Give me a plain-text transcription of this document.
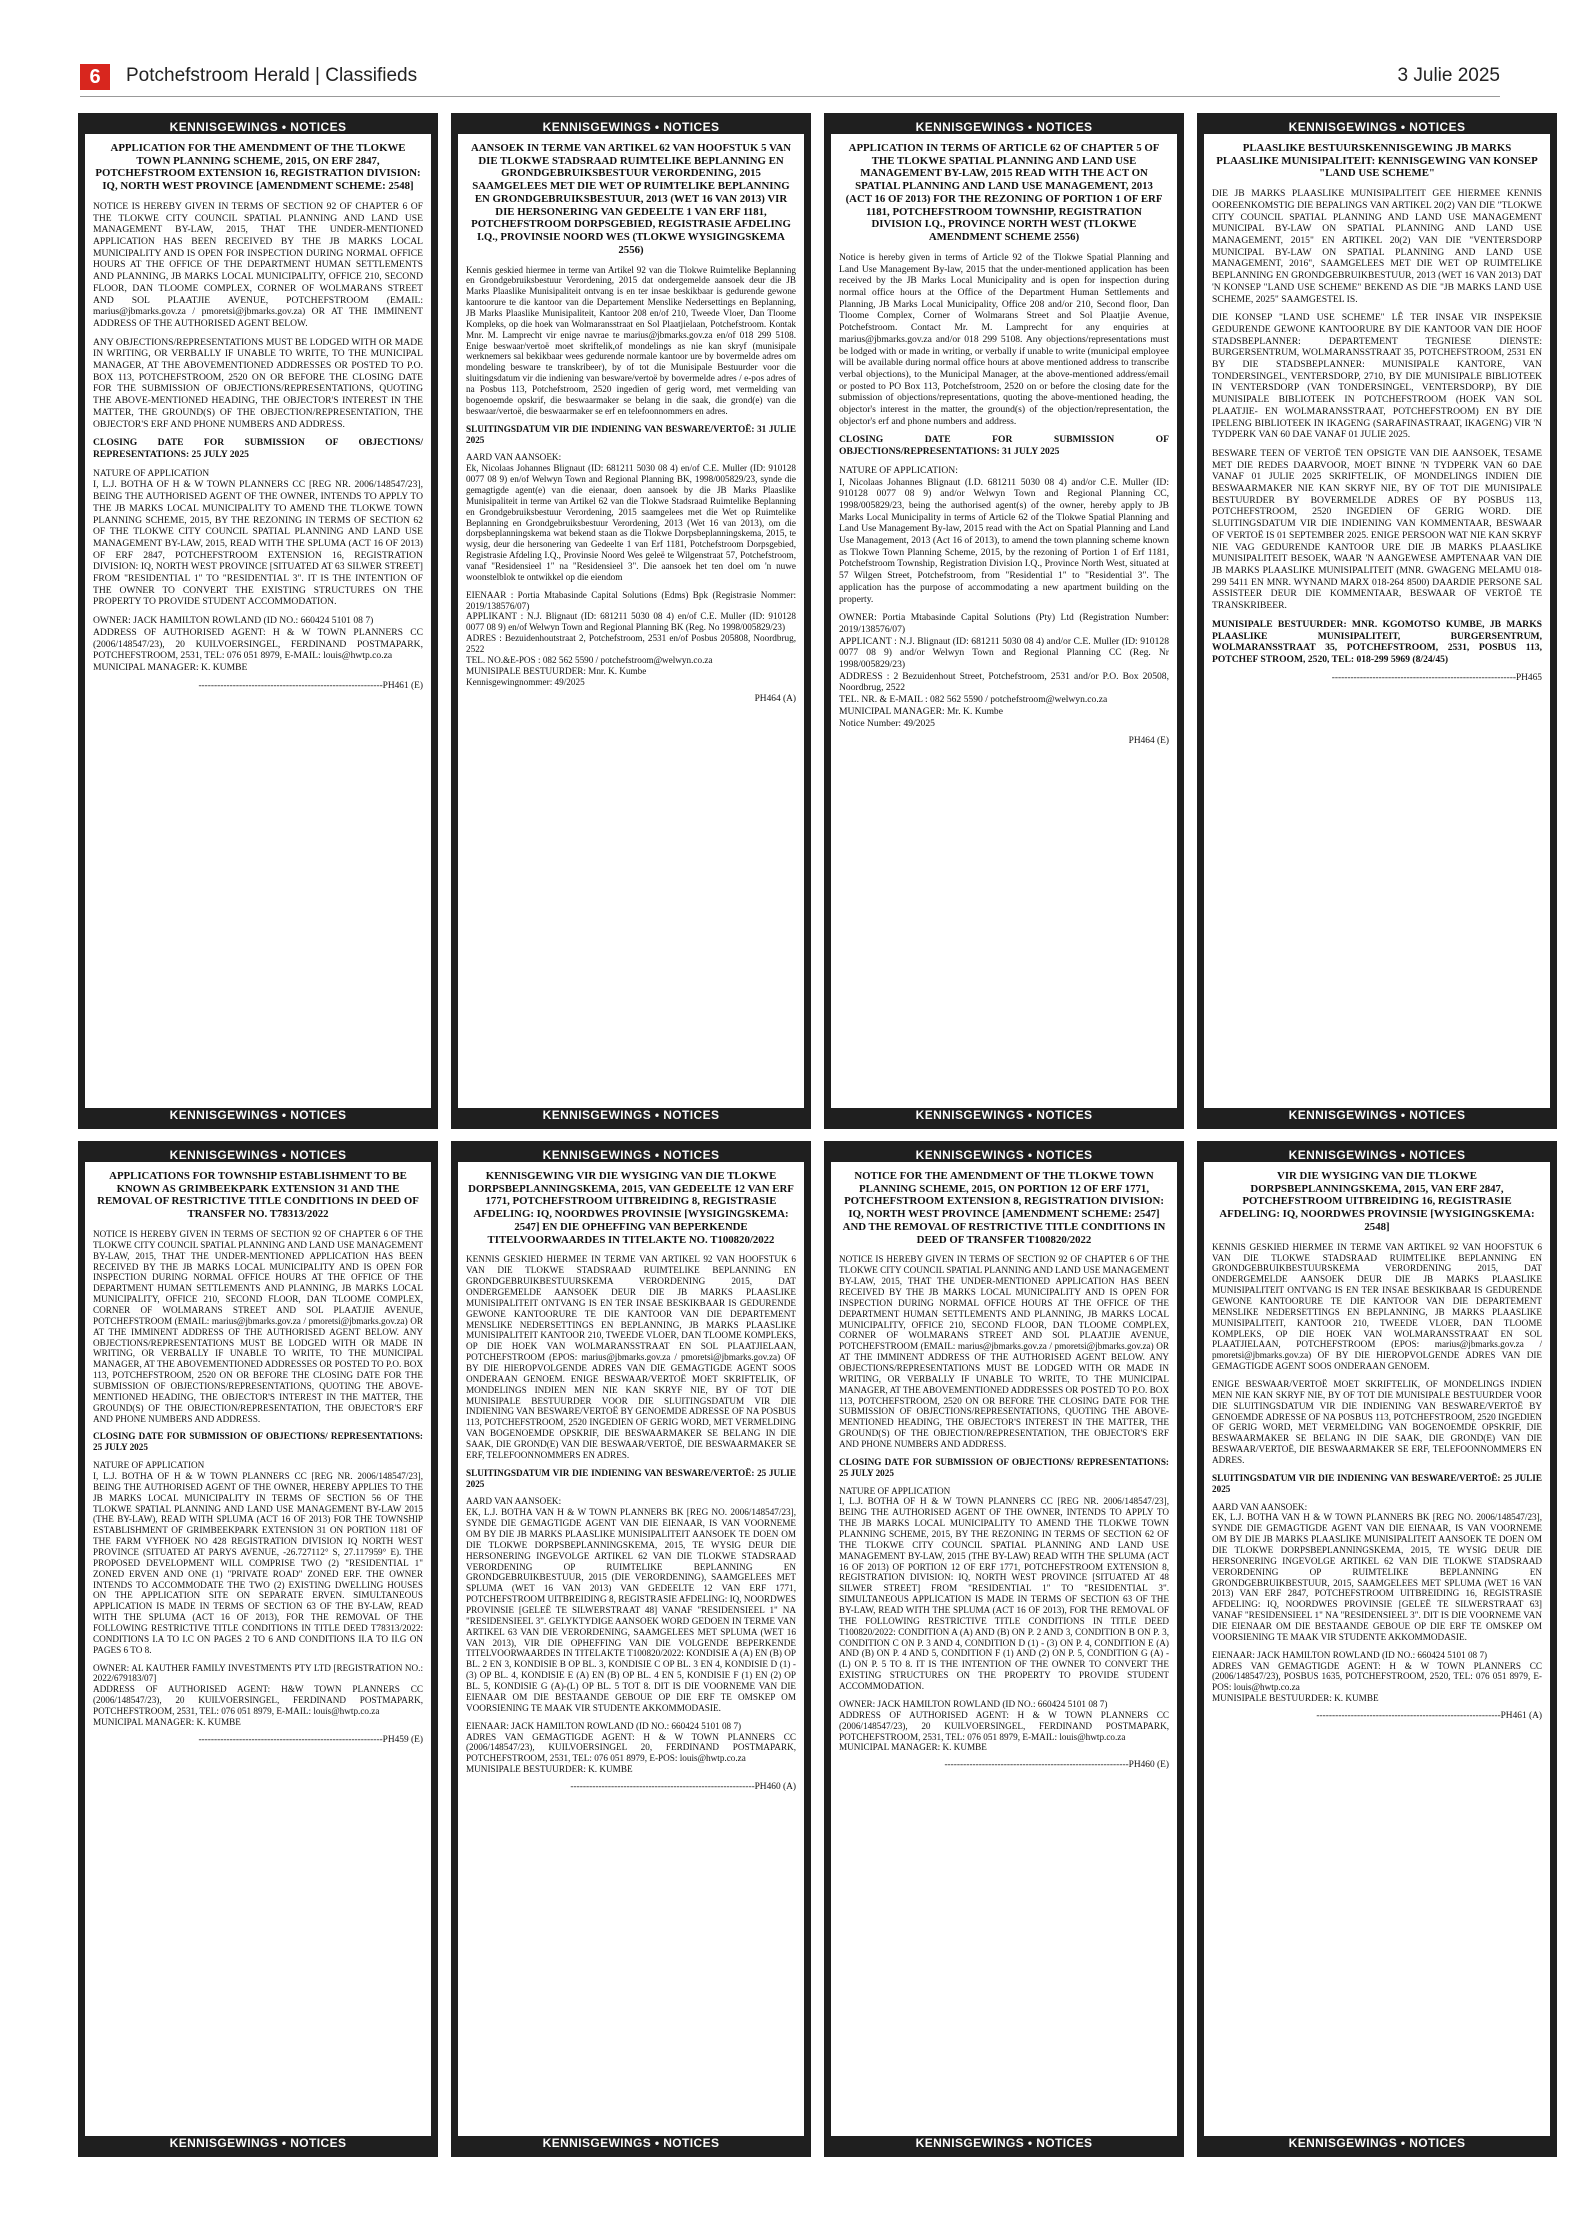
6	Potchefstroom Herald | Classifieds	3 Julie 2025
KENNISGEWINGS • NOTICES
APPLICATION FOR THE AMENDMENT OF THE TLOKWE TOWN PLANNING SCHEME, 2015, ON ERF 2847, POTCHEFSTROOM EXTENSION 16, REGISTRATION DIVISION: IQ, NORTH WEST PROVINCE [AMENDMENT SCHEME: 2548]

NOTICE IS HEREBY GIVEN IN TERMS OF SECTION 92 OF CHAPTER 6 OF THE TLOKWE CITY COUNCIL SPATIAL PLANNING AND LAND USE MANAGEMENT BY-LAW, 2015, THAT THE UNDER-MENTIONED APPLICATION HAS BEEN RECEIVED BY THE JB MARKS LOCAL MUNICIPALITY AND IS OPEN FOR INSPECTION DURING NORMAL OFFICE HOURS AT THE OFFICE OF THE DEPARTMENT HUMAN SETTLEMENTS AND PLANNING, JB MARKS LOCAL MUNICIPALITY, OFFICE 210, SECOND FLOOR, DAN TLOOME COMPLEX, CORNER OF WOLMARANS STREET AND SOL PLAATJIE AVENUE, POTCHEFSTROOM (EMAIL: marius@jbmarks.gov.za / pmoretsi@jbmarks.gov.za) OR AT THE IMMINENT ADDRESS OF THE AUTHORISED AGENT BELOW.

ANY OBJECTIONS/REPRESENTATIONS MUST BE LODGED WITH OR MADE IN WRITING, OR VERBALLY IF UNABLE TO WRITE, TO THE MUNICIPAL MANAGER, AT THE ABOVEMENTIONED ADDRESSES OR POSTED TO P.O. BOX 113, POTCHEFSTROOM, 2520 ON OR BEFORE THE CLOSING DATE FOR THE SUBMISSION OF OBJECTIONS/REPRESENTATIONS, QUOTING THE ABOVE-MENTIONED HEADING, THE OBJECTOR'S INTEREST IN THE MATTER, THE GROUND(S) OF THE OBJECTION/REPRESENTATION, THE OBJECTOR'S ERF AND PHONE NUMBERS AND ADDRESS.

CLOSING DATE FOR SUBMISSION OF OBJECTIONS/ REPRESENTATIONS: 25 JULY 2025

NATURE OF APPLICATION
I, L.J. BOTHA OF H & W TOWN PLANNERS CC [REG NR. 2006/148547/23], BEING THE AUTHORISED AGENT OF THE OWNER, INTENDS TO APPLY TO THE JB MARKS LOCAL MUNICIPALITY TO AMEND THE TLOKWE TOWN PLANNING SCHEME, 2015, BY THE REZONING IN TERMS OF SECTION 62 OF THE TLOKWE CITY COUNCIL SPATIAL PLANNING AND LAND USE MANAGEMENT BY-LAW, 2015, READ WITH THE SPLUMA (ACT 16 OF 2013) OF ERF 2847, POTCHEFSTROOM EXTENSION 16, REGISTRATION DIVISION: IQ, NORTH WEST PROVINCE [SITUATED AT 63 SILWER STREET] FROM "RESIDENTIAL 1" TO "RESIDENTIAL 3". IT IS THE INTENTION OF THE OWNER TO CONVERT THE EXISTING STRUCTURES ON THE PROPERTY TO PROVIDE STUDENT ACCOMMODATION.

OWNER: JACK HAMILTON ROWLAND (ID NO.: 660424 5101 08 7)
ADDRESS OF AUTHORISED AGENT: H & W TOWN PLANNERS CC (2006/148547/23), 20 KUILVOERSINGEL, FERDINAND POSTMAPARK, POTCHEFSTROOM, 2531, TEL: 076 051 8979, E-MAIL: louis@hwtp.co.za
MUNICIPAL MANAGER: K. KUMBE

-----------------------------------------------------------PH461 (E)
KENNISGEWINGS • NOTICES
KENNISGEWINGS • NOTICES
AANSOEK IN TERME VAN ARTIKEL 62 VAN HOOFSTUK 5 VAN DIE TLOKWE STADSRAAD RUIMTELIKE BEPLANNING EN GRONDGEBRUIKSBESTUUR VERORDENING, 2015 SAAMGELEES MET DIE WET OP RUIMTELIKE BEPLANNING EN GRONDGEBRUIKSBESTUUR, 2013 (WET 16 VAN 2013) VIR DIE HERSONERING VAN GEDEELTE 1 VAN ERF 1181, POTCHEFSTROOM DORPSGEBIED, REGISTRASIE AFDELING I.Q., PROVINSIE NOORD WES (TLOKWE WYSIGINGSKEMA 2556)

Kennis geskied hiermee in terme van Artikel 92 van die Tlokwe Ruimtelike Beplanning en Grondgebruiksbestuur Verordening, 2015 dat ondergemelde aansoek deur die JB Marks Plaaslike Munisipaliteit ontvang is en ter insae beskikbaar is gedurende gewone kantoorure te die kantoor van die Departement Menslike Nedersettings en Beplanning, JB Marks Plaaslike Munisipaliteit, Kantoor 208 en/of 210, Tweede Vloer, Dan Tloome Kompleks, op die hoek van Wolmaransstraat en Sol Plaatjielaan, Potchefstroom. Kontak Mnr. M. Lamprecht vir enige navrae te marius@jbmarks.gov.za en/of 018 299 5108. Enige beswaar/vertoë moet skriftelik,of mondelings as nie kan skryf (munisipale werknemers sal bekikbaar wees gedurende normale kantoor ure by bovermelde adres om mondeling besware te transkribeer), by of tot die Munisipale Bestuurder voor die sluitingsdatum vir die indiening van besware/vertoë by bovermelde adres / e-pos adres of na Posbus 113, Potchefstroom, 2520 ingedien of gerig word, met vermelding van bogenoemde opskrif, die beswaarmaker se belang in die saak, die grond(e) van die beswaar/vertoë, die beswaarmaker se erf en telefoonnommers en adres.

SLUITINGSDATUM VIR DIE INDIENING VAN BESWARE/VERTOË: 31 JULIE 2025

AARD VAN AANSOEK:
Ek, Nicolaas Johannes Blignaut (ID: 681211 5030 08 4) en/of C.E. Muller (ID: 910128 0077 08 9) en/of Welwyn Town and Regional Planning BK, 1998/005829/23, synde die gemagtigde agent(e) van die eienaar, doen aansoek by die JB Marks Plaaslike Munisipaliteit in terme van Artikel 62 van die Tlokwe Stadsraad Ruimtelike Beplanning en Grondgebruiksbestuur Verordening, 2015 saamgelees met die Wet op Ruimtelike Beplanning en Grondgebruiksbestuur Verordening, 2013 (Wet 16 van 2013), om die dorpsbeplanningskema wat bekend staan as die Tlokwe Dorpsbeplanningskema, 2015, te wysig, deur die hersonering van Gedeelte 1 van Erf 1181, Potchefstroom Dorpsgebied, Registrasie Afdeling I.Q., Provinsie Noord Wes geleë te Wilgenstraat 57, Potchefstroom, vanaf "Residensieel 1" na "Residensieel 3". Die aansoek het ten doel om 'n nuwe woonstelblok te ontwikkel op die eiendom

EIENAAR : Portia Mtabasinde Capital Solutions (Edms) Bpk (Registrasie Nommer: 2019/138576/07)
APPLIKANT : N.J. Blignaut (ID: 681211 5030 08 4) en/of C.E. Muller (ID: 910128 0077 08 9) en/of Welwyn Town and Regional Planning BK (Reg. No 1998/005829/23)
ADRES : Bezuidenhoutstraat 2, Potchefstroom, 2531 en/of Posbus 205808, Noordbrug, 2522
TEL. NO.&E-POS : 082 562 5590 / potchefstroom@welwyn.co.za
MUNISIPALE BESTUURDER: Mnr. K. Kumbe
Kennisgewingnommer: 49/2025

PH464 (A)
KENNISGEWINGS • NOTICES
KENNISGEWINGS • NOTICES
APPLICATION IN TERMS OF ARTICLE 62 OF CHAPTER 5 OF THE TLOKWE SPATIAL PLANNING AND LAND USE MANAGEMENT BY-LAW, 2015 READ WITH THE ACT ON SPATIAL PLANNING AND LAND USE MANAGEMENT, 2013 (ACT 16 OF 2013) FOR THE REZONING OF PORTION 1 OF ERF 1181, POTCHEFSTROOM TOWNSHIP, REGISTRATION DIVISION I.Q., PROVINCE NORTH WEST (TLOKWE AMENDMENT SCHEME 2556)

Notice is hereby given in terms of Article 92 of the Tlokwe Spatial Planning and Land Use Management By-law, 2015 that the under-mentioned application has been received by the JB Marks Local Municipality and is open for inspection during normal office hours at the Office of the Department Human Settlements and Planning, JB Marks Local Municipality, Office 208 and/or 210, Second floor, Dan Tloome Complex, Corner of Wolmarans Street and Sol Plaatjie Avenue, Potchefstroom. Contact Mr. M. Lamprecht for any enquiries at marius@jbmarks.gov.za and/or 018 299 5108. Any objections/representations must be lodged with or made in writing, or verbally if unable to write (municipal employee will be available during normal office hours at above mentioned address to transcribe verbal objections), to the Municipal Manager, at the above-mentioned address/email or posted to PO Box 113, Potchefstroom, 2520 on or before the closing date for the submission of objections/representations, quoting the above-mentioned heading, the objector's interest in the matter, the ground(s) of the objection/representation, the objector's erf and phone numbers and address.

CLOSING DATE FOR SUBMISSION OF OBJECTIONS/REPRESENTATIONS: 31 JULY 2025

NATURE OF APPLICATION:
I, Nicolaas Johannes Blignaut (I.D. 681211 5030 08 4) and/or C.E. Muller (ID: 910128 0077 08 9) and/or Welwyn Town and Regional Planning CC, 1998/005829/23, being the authorised agent(s) of the owner, hereby apply to JB Marks Local Municipality in terms of Article 62 of the Tlokwe Spatial Planning and Land Use Management By-law, 2015 read with the Act on Spatial Planning and Land Use Management, 2013 (Act 16 of 2013), to amend the town planning scheme known as Tlokwe Town Planning Scheme, 2015, by the rezoning of Portion 1 of Erf 1181, Potchefstroom Township, Registration Division I.Q., Province North West, situated at 57 Wilgen Street, Potchefstroom, from "Residential 1" to "Residential 3". The application has the purpose of accommodating a new apartment building on the property.

OWNER: Portia Mtabasinde Capital Solutions (Pty) Ltd (Registration Number: 2019/138576/07)
APPLICANT : N.J. Blignaut (ID: 681211 5030 08 4) and/or C.E. Muller (ID: 910128 0077 08 9) and/or Welwyn Town and Regional Planning CC (Reg. Nr 1998/005829/23)
ADDRESS : 2 Bezuidenhout Street, Potchefstroom, 2531 and/or P.O. Box 20508, Noordbrug, 2522
TEL. NR. & E-MAIL : 082 562 5590 / potchefstroom@welwyn.co.za
MUNICIPAL MANAGER: Mr. K. Kumbe
Notice Number: 49/2025

PH464 (E)
KENNISGEWINGS • NOTICES
KENNISGEWINGS • NOTICES
PLAASLIKE BESTUURSKENNISGEWING JB MARKS PLAASLIKE MUNISIPALITEIT: KENNISGEWING VAN KONSEP "LAND USE SCHEME"

DIE JB MARKS PLAASLIKE MUNISIPALITEIT GEE HIERMEE KENNIS OOREENKOMSTIG DIE BEPALINGS VAN ARTIKEL 20(2) VAN DIE "TLOKWE CITY COUNCIL SPATIAL PLANNING AND LAND USE MANAGEMENT MUNICIPAL BY-LAW ON SPATIAL PLANNING AND LAND USE MANAGEMENT, 2015" EN ARTIKEL 20(2) VAN DIE "VENTERSDORP MUNICIPAL BY-LAW ON SPATIAL PLANNING AND LAND USE MANAGEMENT, 2016", SAAMGELEES MET DIE WET OP RUIMTELIKE BEPLANNING EN GRONDGEBRUIKBESTUUR, 2013 (WET 16 VAN 2013) DAT 'N KONSEP "LAND USE SCHEME" BEKEND AS DIE "JB MARKS LAND USE SCHEME, 2025" SAAMGESTEL IS.

DIE KONSEP "LAND USE SCHEME" LÊ TER INSAE VIR INSPEKSIE GEDURENDE GEWONE KANTOORURE BY DIE KANTOOR VAN DIE HOOF STADSBEPLANNER: DEPARTEMENT TEGNIESE DIENSTE: BURGERSENTRUM, WOLMARANSSTRAAT 35, POTCHEFSTROOM, 2531 EN BY DIE STADSBEPLANNER: MUNISIPALE KANTORE, VAN TONDERSINGEL, VENTERSDORP, 2710, BY DIE MUNISIPALE BIBLIOTEEK IN VENTERSDORP (VAN TONDERSINGEL, VENTERSDORP), BY DIE MUNISIPALE BIBLIOTEEK IN POTCHEFSTROOM (HOEK VAN SOL PLAATJIE- EN WOLMARANSSTRAAT, POTCHEFSTROOM) EN BY DIE IPELENG BIBLIOTEEK IN IKAGENG (SARAFINASTRAAT, IKAGENG) VIR 'N TYDPERK VAN 60 DAE VANAF 01 JULIE 2025.

BESWARE TEEN OF VERTOË TEN OPSIGTE VAN DIE AANSOEK, TESAME MET DIE REDES DAARVOOR, MOET BINNE 'N TYDPERK VAN 60 DAE VANAF 01 JULIE 2025 SKRIFTELIK, OF MONDELINGS INDIEN DIE BESWAARMAKER NIE KAN SKRYF NIE, BY OF TOT DIE MUNISIPALE BESTUURDER BY BOVERMELDE ADRES OF BY POSBUS 113, POTCHEFSTROOM, 2520 INGEDIEN OF GERIG WORD. DIE SLUITINGSDATUM VIR DIE INDIENING VAN KOMMENTAAR, BESWAAR OF VERTOË IS 01 SEPTEMBER 2025. ENIGE PERSOON WAT NIE KAN SKRYF NIE VAG GEDURENDE KANTOOR URE DIE JB MARKS PLAASLIKE MUNISIPALITEIT BESOEK, WAAR 'N AANGEWESE AMPTENAAR VAN DIE JB MARKS PLAASLIKE MUNISIPALITEIT (MNR. GWAGENG MELAMU 018-299 5411 EN MNR. WYNAND MARX 018-264 8500) DAARDIE PERSONE SAL ASSISTEER DEUR DIE KOMMENTAAR, BESWAAR OF VERTOË TE TRANSKRIBEER.

MUNISIPALE BESTUURDER: MNR. KGOMOTSO KUMBE, JB MARKS PLAASLIKE MUNISIPALITEIT, BURGERSENTRUM, WOLMARANSSTRAAT 35, POTCHEFSTROOM, 2531, POSBUS 113, POTCHEF STROOM, 2520, TEL: 018-299 5969 (8/24/45)

-----------------------------------------------------------PH465
KENNISGEWINGS • NOTICES
KENNISGEWINGS • NOTICES
APPLICATIONS FOR TOWNSHIP ESTABLISHMENT TO BE KNOWN AS GRIMBEEKPARK EXTENSION 31 AND THE REMOVAL OF RESTRICTIVE TITLE CONDITIONS IN DEED OF TRANSFER NO. T78313/2022

NOTICE IS HEREBY GIVEN IN TERMS OF SECTION 92 OF CHAPTER 6 OF THE TLOKWE CITY COUNCIL SPATIAL PLANNING AND LAND USE MANAGEMENT BY-LAW, 2015, THAT THE UNDER-MENTIONED APPLICATION HAS BEEN RECEIVED BY THE JB MARKS LOCAL MUNICIPALITY AND IS OPEN FOR INSPECTION DURING NORMAL OFFICE HOURS AT THE OFFICE OF THE DEPARTMENT HUMAN SETTLEMENTS AND PLANNING, JB MARKS LOCAL MUNICIPALITY, OFFICE 210, SECOND FLOOR, DAN TLOOME COMPLEX, CORNER OF WOLMARANS STREET AND SOL PLAATJIE AVENUE, POTCHEFSTROOM (EMAIL: marius@jbmarks.gov.za / pmoretsi@jbmarks.gov.za) OR AT THE IMMINENT ADDRESS OF THE AUTHORISED AGENT BELOW. ANY OBJECTIONS/REPRESENTATIONS MUST BE LODGED WITH OR MADE IN WRITING, OR VERBALLY IF UNABLE TO WRITE, TO THE MUNICIPAL MANAGER, AT THE ABOVEMENTIONED ADDRESSES OR POSTED TO P.O. BOX 113, POTCHEFSTROOM, 2520 ON OR BEFORE THE CLOSING DATE FOR THE SUBMISSION OF OBJECTIONS/REPRESENTATIONS, QUOTING THE ABOVE-MENTIONED HEADING, THE OBJECTOR'S INTEREST IN THE MATTER, THE GROUND(S) OF THE OBJECTION/REPRESENTATION, THE OBJECTOR'S ERF AND PHONE NUMBERS AND ADDRESS.

CLOSING DATE FOR SUBMISSION OF OBJECTIONS/ REPRESENTATIONS: 25 JULY 2025

NATURE OF APPLICATION
I, L.J. BOTHA OF H & W TOWN PLANNERS CC [REG NR. 2006/148547/23], BEING THE AUTHORISED AGENT OF THE OWNER, HEREBY APPLIES TO THE JB MARKS LOCAL MUNICIPALITY IN TERMS OF SECTION 56 OF THE TLOKWE SPATIAL PLANNING AND LAND USE MANAGEMENT BY-LAW 2015 (THE BY-LAW), READ WITH SPLUMA (ACT 16 OF 2013) FOR THE TOWNSHIP ESTABLISHMENT OF GRIMBEEKPARK EXTENSION 31 ON PORTION 1181 OF THE FARM VYFHOEK NO 428 REGISTRATION DIVISION IQ NORTH WEST PROVINCE (SITUATED AT PARYS AVENUE, -26.727112° S, 27.117959° E). THE PROPOSED DEVELOPMENT WILL COMPRISE TWO (2) "RESIDENTIAL 1" ZONED ERVEN AND ONE (1) "PRIVATE ROAD" ZONED ERF. THE OWNER INTENDS TO ACCOMMODATE THE TWO (2) EXISTING DWELLING HOUSES ON THE APPLICATION SITE ON SEPARATE ERVEN. SIMULTANEOUS APPLICATION IS MADE IN TERMS OF SECTION 63 OF THE BY-LAW, READ WITH THE SPLUMA (ACT 16 OF 2013), FOR THE REMOVAL OF THE FOLLOWING RESTRICTIVE TITLE CONDITIONS IN TITLE DEED T78313/2022: CONDITIONS I.A TO I.C ON PAGES 2 TO 6 AND CONDITIONS II.A TO II.G ON PAGES 6 TO 8.

OWNER: AL KAUTHER FAMILY INVESTMENTS PTY LTD [REGISTRATION NO.: 2022/679183/07]
ADDRESS OF AUTHORISED AGENT: H&W TOWN PLANNERS CC (2006/148547/23), 20 KUILVOERSINGEL, FERDINAND POSTMAPARK, POTCHEFSTROOM, 2531, TEL: 076 051 8979, E-MAIL: louis@hwtp.co.za
MUNICIPAL MANAGER: K. KUMBE

-----------------------------------------------------------PH459 (E)
KENNISGEWINGS • NOTICES
KENNISGEWINGS • NOTICES
KENNISGEWING VIR DIE WYSIGING VAN DIE TLOKWE DORPSBEPLANNINGSKEMA, 2015, VAN GEDEELTE 12 VAN ERF 1771, POTCHEFSTROOM UITBREIDING 8, REGISTRASIE AFDELING: IQ, NOORDWES PROVINSIE [WYSIGINGSKEMA: 2547] EN DIE OPHEFFING VAN BEPERKENDE TITELVOORWAARDES IN TITELAKTE NO. T100820/2022

KENNIS GESKIED HIERMEE IN TERME VAN ARTIKEL 92 VAN HOOFSTUK 6 VAN DIE TLOKWE STADSRAAD RUIMTELIKE BEPLANNING EN GRONDGEBRUIKBESTUURSKEMA VERORDENING 2015, DAT ONDERGEMELDE AANSOEK DEUR DIE JB MARKS PLAASLIKE MUNISIPALITEIT ONTVANG IS EN TER INSAE BESKIKBAAR IS GEDURENDE GEWONE KANTOORURE TE DIE KANTOOR VAN DIE DEPARTEMENT MENSLIKE NEDERSETTINGS EN BEPLANNING, JB MARKS PLAASLIKE MUNISIPALITEIT KANTOOR 210, TWEEDE VLOER, DAN TLOOME KOMPLEKS, OP DIE HOEK VAN WOLMARANSSTRAAT EN SOL PLAATJIELAAN, POTCHEFSTROOM (EPOS: marius@jbmarks.gov.za / pmoretsi@jbmarks.gov.za) OF BY DIE HIEROPVOLGENDE ADRES VAN DIE GEMAGTIGDE AGENT SOOS ONDERAAN GENOEM. ENIGE BESWAAR/VERTOË MOET SKRIFTELIK, OF MONDELINGS INDIEN MEN NIE KAN SKRYF NIE, BY OF TOT DIE MUNISIPALE BESTUURDER VOOR DIE SLUITINGSDATUM VIR DIE INDIENING VAN BESWARE/VERTOË BY GENOEMDE ADRESSE OF NA POSBUS 113, POTCHEFSTROOM, 2520 INGEDIEN OF GERIG WORD, MET VERMELDING VAN BOGENOEMDE OPSKRIF, DIE BESWAARMAKER SE BELANG IN DIE SAAK, DIE GROND(E) VAN DIE BESWAAR/VERTOË, DIE BESWAARMAKER SE ERF, TELEFOONNOMMERS EN ADRES.

SLUITINGSDATUM VIR DIE INDIENING VAN BESWARE/VERTOË: 25 JULIE 2025

AARD VAN AANSOEK:
EK, L.J. BOTHA VAN H & W TOWN PLANNERS BK [REG NO. 2006/148547/23], SYNDE DIE GEMAGTIGDE AGENT VAN DIE EIENAAR, IS VAN VOORNEME OM BY DIE JB MARKS PLAASLIKE MUNISIPALITEIT AANSOEK TE DOEN OM DIE TLOKWE DORPSBEPLANNINGSKEMA, 2015, TE WYSIG DEUR DIE HERSONERING INGEVOLGE ARTIKEL 62 VAN DIE TLOKWE STADSRAAD VERORDENING OP RUIMTELIKE BEPLANNING EN GRONDGEBRUIKBESTUUR, 2015 (DIE VERORDENING), SAAMGELEES MET SPLUMA (WET 16 VAN 2013) VAN GEDEELTE 12 VAN ERF 1771, POTCHEFSTROOM UITBREIDING 8, REGISTRASIE AFDELING: IQ, NOORDWES PROVINSIE [GELEË TE SILWERSTRAAT 48] VANAF "RESIDENSIEEL 1" NA "RESIDENSIEEL 3". GELYKTYDIGE AANSOEK WORD GEDOEN IN TERME VAN ARTIKEL 63 VAN DIE VERORDENING, SAAMGELEES MET SPLUMA (WET 16 VAN 2013), VIR DIE OPHEFFING VAN DIE VOLGENDE BEPERKENDE TITELVOORWAARDES IN TITELAKTE T100820/2022: KONDISIE A (A) EN (B) OP BL. 2 EN 3, KONDISIE B OP BL. 3, KONDISIE C OP BL. 3 EN 4, KONDISIE D (1) - (3) OP BL. 4, KONDISIE E (A) EN (B) OP BL. 4 EN 5, KONDISIE F (1) EN (2) OP BL. 5, KONDISIE G (A)-(L) OP BL. 5 TOT 8. DIT IS DIE VOORNEME VAN DIE EIENAAR OM DIE BESTAANDE GEBOUE OP DIE ERF TE OMSKEP OM VOORSIENING TE MAAK VIR STUDENTE AKKOMMODASIE.

EIENAAR: JACK HAMILTON ROWLAND (ID NO.: 660424 5101 08 7)
ADRES VAN GEMAGTIGDE AGENT: H & W TOWN PLANNERS CC (2006/148547/23), KUILVOERSINGEL 20, FERDINAND POSTMAPARK, POTCHEFSTROOM, 2531, TEL: 076 051 8979, E-POS: louis@hwtp.co.za
MUNISIPALE BESTUURDER: K. KUMBE

-----------------------------------------------------------PH460 (A)
KENNISGEWINGS • NOTICES
KENNISGEWINGS • NOTICES
NOTICE FOR THE AMENDMENT OF THE TLOKWE TOWN PLANNING SCHEME, 2015, ON PORTION 12 OF ERF 1771, POTCHEFSTROOM EXTENSION 8, REGISTRATION DIVISION: IQ, NORTH WEST PROVINCE [AMENDMENT SCHEME: 2547] AND THE REMOVAL OF RESTRICTIVE TITLE CONDITIONS IN DEED OF TRANSFER T100820/2022

NOTICE IS HEREBY GIVEN IN TERMS OF SECTION 92 OF CHAPTER 6 OF THE TLOKWE CITY COUNCIL SPATIAL PLANNING AND LAND USE MANAGEMENT BY-LAW, 2015, THAT THE UNDER-MENTIONED APPLICATION HAS BEEN RECEIVED BY THE JB MARKS LOCAL MUNICIPALITY AND IS OPEN FOR INSPECTION DURING NORMAL OFFICE HOURS AT THE OFFICE OF THE DEPARTMENT HUMAN SETTLEMENTS AND PLANNING, JB MARKS LOCAL MUNICIPALITY, OFFICE 210, SECOND FLOOR, DAN TLOOME COMPLEX, CORNER OF WOLMARANS STREET AND SOL PLAATJIE AVENUE, POTCHEFSTROOM (EMAIL: marius@jbmarks.gov.za / pmoretsi@jbmarks.gov.za) OR AT THE IMMINENT ADDRESS OF THE AUTHORISED AGENT BELOW. ANY OBJECTIONS/REPRESENTATIONS MUST BE LODGED WITH OR MADE IN WRITING, OR VERBALLY IF UNABLE TO WRITE, TO THE MUNICIPAL MANAGER, AT THE ABOVEMENTIONED ADDRESSES OR POSTED TO P.O. BOX 113, POTCHEFSTROOM, 2520 ON OR BEFORE THE CLOSING DATE FOR THE SUBMISSION OF OBJECTIONS/REPRESENTATIONS, QUOTING THE ABOVE-MENTIONED HEADING, THE OBJECTOR'S INTEREST IN THE MATTER, THE GROUND(S) OF THE OBJECTION/REPRESENTATION, THE OBJECTOR'S ERF AND PHONE NUMBERS AND ADDRESS.

CLOSING DATE FOR SUBMISSION OF OBJECTIONS/ REPRESENTATIONS: 25 JULY 2025

NATURE OF APPLICATION
I, L.J. BOTHA OF H & W TOWN PLANNERS CC [REG NR. 2006/148547/23], BEING THE AUTHORISED AGENT OF THE OWNER, INTENDS TO APPLY TO THE JB MARKS LOCAL MUNICIPALITY TO AMEND THE TLOKWE TOWN PLANNING SCHEME, 2015, BY THE REZONING IN TERMS OF SECTION 62 OF THE TLOKWE CITY COUNCIL SPATIAL PLANNING AND LAND USE MANAGEMENT BY-LAW, 2015 (THE BY-LAW) READ WITH THE SPLUMA (ACT 16 OF 2013) OF PORTION 12 OF ERF 1771, POTCHEFSTROOM EXTENSION 8, REGISTRATION DIVISION: IQ, NORTH WEST PROVINCE [SITUATED AT 48 SILWER STREET] FROM "RESIDENTIAL 1" TO "RESIDENTIAL 3". SIMULTANEOUS APPLICATION IS MADE IN TERMS OF SECTION 63 OF THE BY-LAW, READ WITH THE SPLUMA (ACT 16 OF 2013), FOR THE REMOVAL OF THE FOLLOWING RESTRICTIVE TITLE CONDITIONS IN TITLE DEED T100820/2022: CONDITION A (A) AND (B) ON P. 2 AND 3, CONDITION B ON P. 3, CONDITION C ON P. 3 AND 4, CONDITION D (1) - (3) ON P. 4, CONDITION E (A) AND (B) ON P. 4 AND 5, CONDITION F (1) AND (2) ON P. 5, CONDITION G (A) - (L) ON P. 5 TO 8. IT IS THE INTENTION OF THE OWNER TO CONVERT THE EXISTING STRUCTURES ON THE PROPERTY TO PROVIDE STUDENT ACCOMMODATION.

OWNER: JACK HAMILTON ROWLAND (ID NO.: 660424 5101 08 7)
ADDRESS OF AUTHORISED AGENT: H & W TOWN PLANNERS CC (2006/148547/23), 20 KUILVOERSINGEL, FERDINAND POSTMAPARK, POTCHEFSTROOM, 2531, TEL: 076 051 8979, E-MAIL: louis@hwtp.co.za
MUNICIPAL MANAGER: K. KUMBE

-----------------------------------------------------------PH460 (E)
KENNISGEWINGS • NOTICES
KENNISGEWINGS • NOTICES
VIR DIE WYSIGING VAN DIE TLOKWE DORPSBEPLANNINGSKEMA, 2015, VAN ERF 2847, POTCHEFSTROOM UITBREIDING 16, REGISTRASIE AFDELING: IQ, NOORDWES PROVINSIE [WYSIGINGSKEMA: 2548]

KENNIS GESKIED HIERMEE IN TERME VAN ARTIKEL 92 VAN HOOFSTUK 6 VAN DIE TLOKWE STADSRAAD RUIMTELIKE BEPLANNING EN GRONDGEBRUIKBESTUURSKEMA VERORDENING 2015, DAT ONDERGEMELDE AANSOEK DEUR DIE JB MARKS PLAASLIKE MUNISIPALITEIT ONTVANG IS EN TER INSAE BESKIKBAAR IS GEDURENDE GEWONE KANTOORURE TE DIE KANTOOR VAN DIE DEPARTEMENT MENSLIKE NEDERSETTINGS EN BEPLANNING, JB MARKS PLAASLIKE MUNISIPALITEIT, KANTOOR 210, TWEEDE VLOER, DAN TLOOME KOMPLEKS, OP DIE HOEK VAN WOLMARANSSTRAAT EN SOL PLAATJIELAAN, POTCHEFSTROOM (EPOS: marius@jbmarks.gov.za / pmoretsi@jbmarks.gov.za) OF BY DIE HIEROPVOLGENDE ADRES VAN DIE GEMAGTIGDE AGENT SOOS ONDERAAN GENOEM.

ENIGE BESWAAR/VERTOË MOET SKRIFTELIK, OF MONDELINGS INDIEN MEN NIE KAN SKRYF NIE, BY OF TOT DIE MUNISIPALE BESTUURDER VOOR DIE SLUITINGSDATUM VIR DIE INDIENING VAN BESWARE/VERTOË BY GENOEMDE ADRESSE OF NA POSBUS 113, POTCHEFSTROOM, 2520 INGEDIEN OF GERIG WORD, MET VERMELDING VAN BOGENOEMDE OPSKRIF, DIE BESWAARMAKER SE BELANG IN DIE SAAK, DIE GROND(E) VAN DIE BESWAAR/VERTOË, DIE BESWAARMAKER SE ERF, TELEFOONNOMMERS EN ADRES.

SLUITINGSDATUM VIR DIE INDIENING VAN BESWARE/VERTOË: 25 JULIE 2025

AARD VAN AANSOEK:
EK, L.J. BOTHA VAN H & W TOWN PLANNERS BK [REG NO. 2006/148547/23], SYNDE DIE GEMAGTIGDE AGENT VAN DIE EIENAAR, IS VAN VOORNEME OM BY DIE JB MARKS PLAASLIKE MUNISIPALITEIT AANSOEK TE DOEN OM DIE TLOKWE DORPSBEPLANNINGSKEMA, 2015, TE WYSIG DEUR DIE HERSONERING INGEVOLGE ARTIKEL 62 VAN DIE TLOKWE STADSRAAD VERORDENING OP RUIMTELIKE BEPLANNING EN GRONDGEBRUIKBESTUUR, 2015, SAAMGELEES MET SPLUMA (WET 16 VAN 2013) VAN ERF 2847, POTCHEFSTROOM UITBREIDING 16, REGISTRASIE AFDELING: IQ, NOORDWES PROVINSIE [GELEË TE SILWERSTRAAT 63] VANAF "RESIDENSIEEL 1" NA "RESIDENSIEEL 3". DIT IS DIE VOORNEME VAN DIE EIENAAR OM DIE BESTAANDE GEBOUE OP DIE ERF TE OMSKEP OM VOORSIENING TE MAAK VIR STUDENTE AKKOMMODASIE.

EIENAAR: JACK HAMILTON ROWLAND (ID NO.: 660424 5101 08 7)
ADRES VAN GEMAGTIGDE AGENT: H & W TOWN PLANNERS CC (2006/148547/23), POSBUS 1635, POTCHEFSTROOM, 2520, TEL: 076 051 8979, E-POS: louis@hwtp.co.za
MUNISIPALE BESTUURDER: K. KUMBE

-----------------------------------------------------------PH461 (A)
KENNISGEWINGS • NOTICES
